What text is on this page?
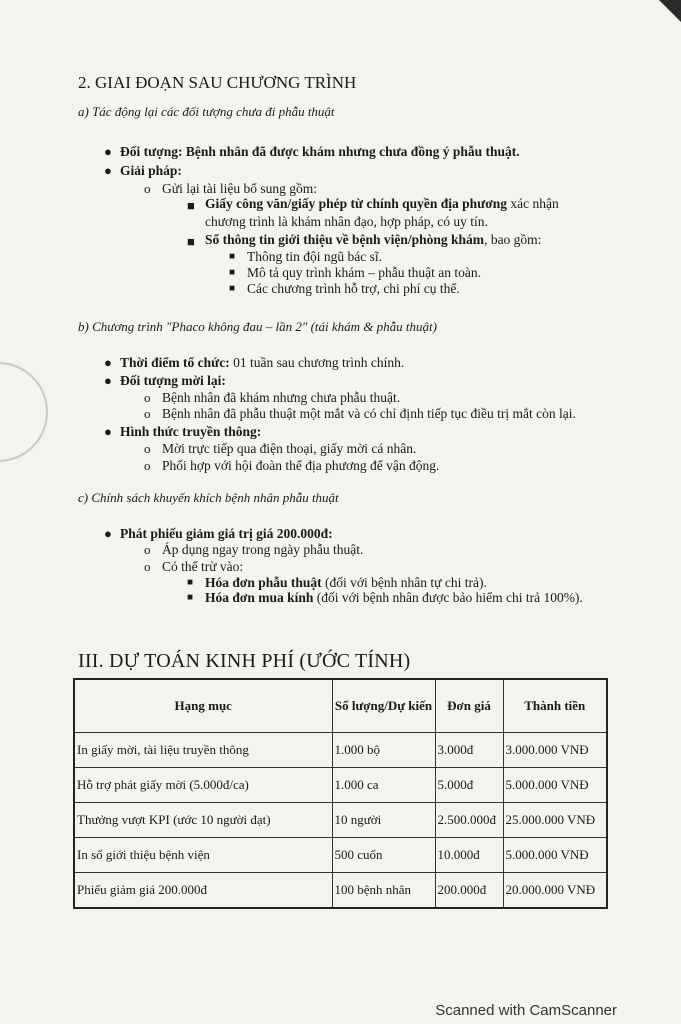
2. GIAI ĐOẠN SAU CHƯƠNG TRÌNH
a) Tác động lại các đối tượng chưa đi phẫu thuật
● Đối tượng: Bệnh nhân đã được khám nhưng chưa đồng ý phẫu thuật.
● Giải pháp:
o Gửi lại tài liệu bổ sung gồm:
■ Giấy công văn/giấy phép từ chính quyền địa phương xác nhận
chương trình là khám nhân đạo, hợp pháp, có uy tín.
■ Sổ thông tin giới thiệu về bệnh viện/phòng khám, bao gồm:
■ Thông tin đội ngũ bác sĩ.
■ Mô tả quy trình khám – phẫu thuật an toàn.
■ Các chương trình hỗ trợ, chi phí cụ thể.
b) Chương trình "Phaco không đau – lần 2" (tái khám & phẫu thuật)
● Thời điểm tổ chức: 01 tuần sau chương trình chính.
● Đối tượng mời lại:
o Bệnh nhân đã khám nhưng chưa phẫu thuật.
o Bệnh nhân đã phẫu thuật một mắt và có chỉ định tiếp tục điều trị mắt còn lại.
● Hình thức truyền thông:
o Mời trực tiếp qua điện thoại, giấy mời cá nhân.
o Phối hợp với hội đoàn thể địa phương để vận động.
c) Chính sách khuyến khích bệnh nhân phẫu thuật
● Phát phiếu giảm giá trị giá 200.000đ:
o Áp dụng ngay trong ngày phẫu thuật.
o Có thể trừ vào:
■ Hóa đơn phẫu thuật (đối với bệnh nhân tự chi trả).
■ Hóa đơn mua kính (đối với bệnh nhân được bảo hiểm chi trả 100%).
III. DỰ TOÁN KINH PHÍ (ƯỚC TÍNH)
Hạng mục	Số lượng/Dự kiến	Đơn giá	Thành tiền
In giấy mời, tài liệu truyền thông	1.000 bộ	3.000đ	3.000.000 VNĐ
Hỗ trợ phát giấy mời (5.000đ/ca)	1.000 ca	5.000đ	5.000.000 VNĐ
Thưởng vượt KPI (ước 10 người đạt)	10 người	2.500.000đ	25.000.000 VNĐ
In sổ giới thiệu bệnh viện	500 cuốn	10.000đ	5.000.000 VNĐ
Phiếu giảm giá 200.000đ	100 bệnh nhân	200.000đ	20.000.000 VNĐ
Scanned with CamScanner
